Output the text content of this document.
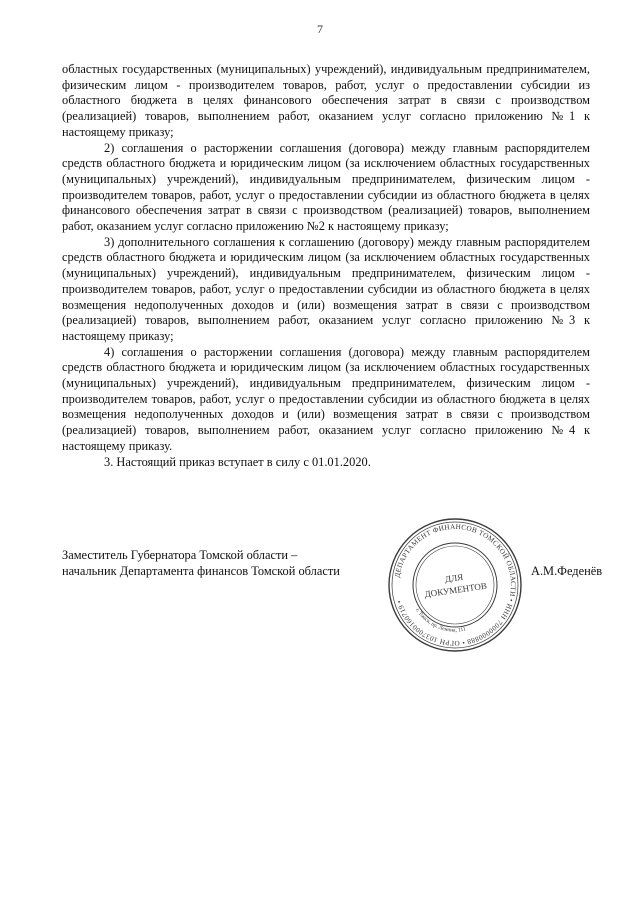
7

областных государственных (муниципальных) учреждений), индивидуальным предпринимателем, физическим лицом - производителем товаров, работ, услуг о предоставлении субсидии из областного бюджета в целях финансового обеспечения затрат в связи с производством (реализацией) товаров, выполнением работ, оказанием услуг согласно приложению №1 к настоящему приказу;

2) соглашения о расторжении соглашения (договора) между главным распорядителем средств областного бюджета и юридическим лицом (за исключением областных государственных (муниципальных) учреждений), индивидуальным предпринимателем, физическим лицом - производителем товаров, работ, услуг о предоставлении субсидии из областного бюджета в целях финансового обеспечения затрат в связи с производством (реализацией) товаров, выполнением работ, оказанием услуг согласно приложению №2 к настоящему приказу;

3) дополнительного соглашения к соглашению (договору) между главным распорядителем средств областного бюджета и юридическим лицом (за исключением областных государственных (муниципальных) учреждений), индивидуальным предпринимателем, физическим лицом - производителем товаров, работ, услуг о предоставлении субсидии из областного бюджета в целях возмещения недополученных доходов и (или) возмещения затрат в связи с производством (реализацией) товаров, выполнением работ, оказанием услуг согласно приложению №3 к настоящему приказу;

4) соглашения о расторжении соглашения (договора) между главным распорядителем средств областного бюджета и юридическим лицом (за исключением областных государственных (муниципальных) учреждений), индивидуальным предпринимателем, физическим лицом - производителем товаров, работ, услуг о предоставлении субсидии из областного бюджета в целях возмещения недополученных доходов и (или) возмещения затрат в связи с производством (реализацией) товаров, выполнением работ, оказанием услуг согласно приложению №4 к настоящему приказу.

3. Настоящий приказ вступает в силу с 01.01.2020.

Заместитель Губернатора Томской области –
начальник Департамента финансов Томской области	А.М.Феденёв
ДЕПАРТАМЕНТ ФИНАНСОВ ТОМСКОЙ ОБЛАСТИ • ИНН 7000000888 • ОГРН 1037000160719 •
г. Томск, пр. Ленина, 111
ДЛЯ
ДОКУМЕНТОВ
